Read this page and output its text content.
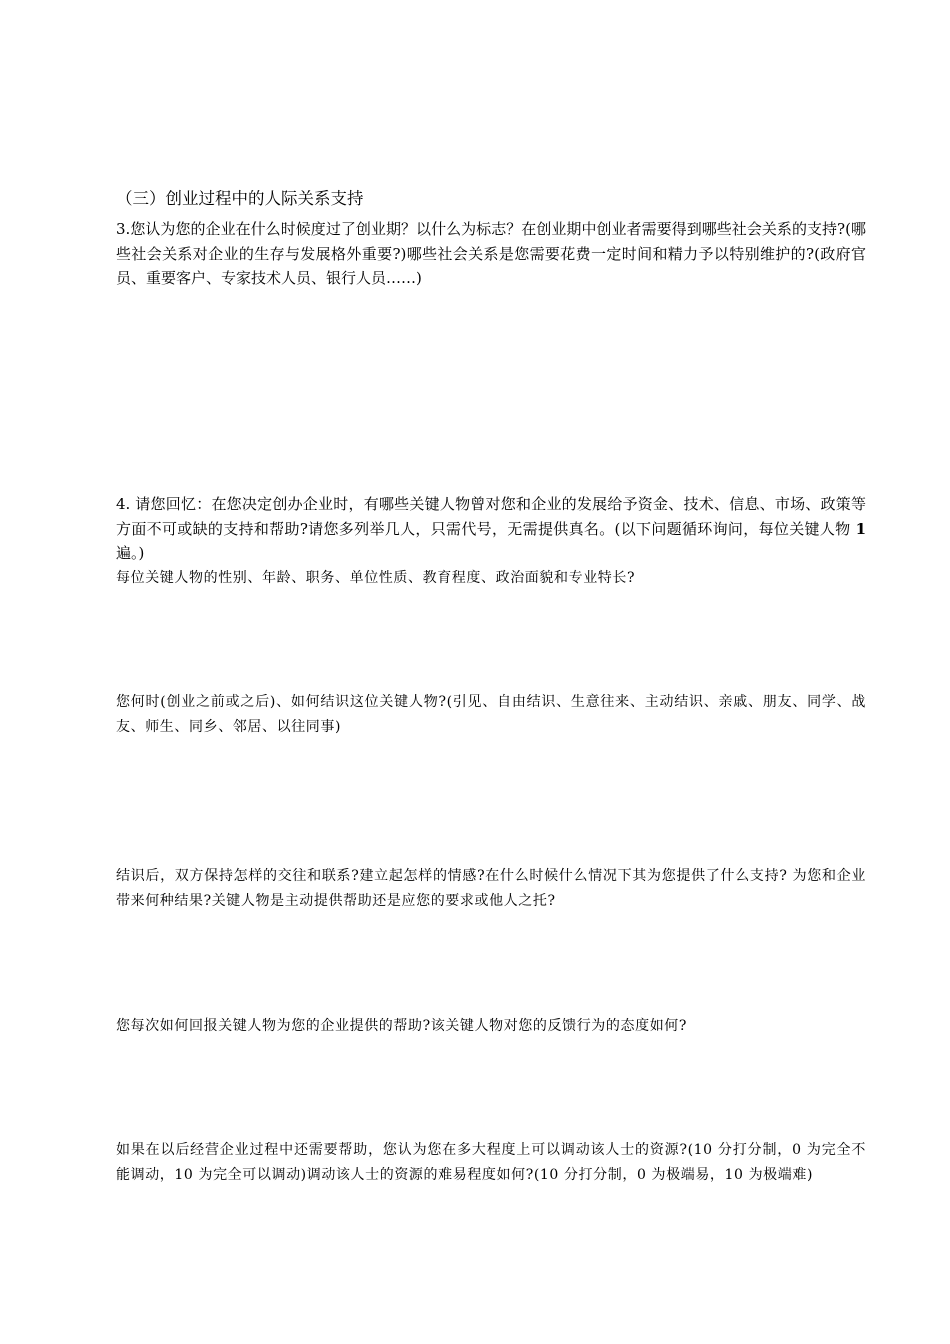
（三）创业过程中的人际关系支持

3.您认为您的企业在什么时候度过了创业期？以什么为标志？在创业期中创业者需要得到哪些社会关系的支持?(哪些社会关系对企业的生存与发展格外重要?)哪些社会关系是您需要花费一定时间和精力予以特别维护的?(政府官员、重要客户、专家技术人员、银行人员……)

4. 请您回忆：在您决定创办企业时，有哪些关键人物曾对您和企业的发展给予资金、技术、信息、市场、政策等方面不可或缺的支持和帮助?请您多列举几人，只需代号，无需提供真名。(以下问题循环询问，每位关键人物 1 遍。)

每位关键人物的性别、年龄、职务、单位性质、教育程度、政治面貌和专业特长?

您何时(创业之前或之后)、如何结识这位关键人物?(引见、自由结识、生意往来、主动结识、亲戚、朋友、同学、战友、师生、同乡、邻居、以往同事)

结识后，双方保持怎样的交往和联系?建立起怎样的情感?在什么时候什么情况下其为您提供了什么支持? 为您和企业带来何种结果?关键人物是主动提供帮助还是应您的要求或他人之托?

您每次如何回报关键人物为您的企业提供的帮助?该关键人物对您的反馈行为的态度如何?

如果在以后经营企业过程中还需要帮助，您认为您在多大程度上可以调动该人士的资源?(10 分打分制，0 为完全不能调动，10 为完全可以调动)调动该人士的资源的难易程度如何?(10 分打分制，0 为极端易，10 为极端难)
